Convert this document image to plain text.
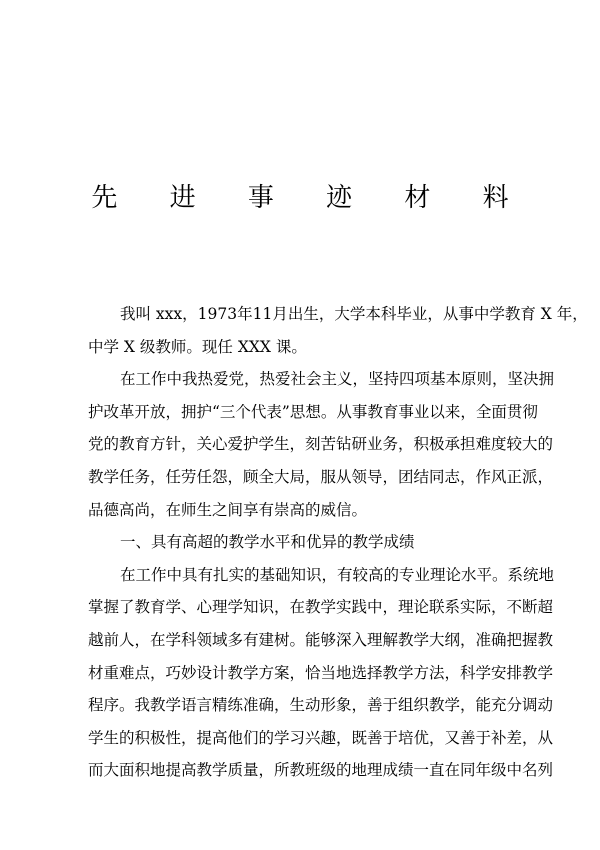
先 进 事 迹 材 料
我叫 xxx，1973年11月出生，大学本科毕业，从事中学教育 X 年，
中学 X 级教师。现任 XXX 课。
在工作中我热爱党，热爱社会主义，坚持四项基本原则，坚决拥
护改革开放，拥护“三个代表”思想。从事教育事业以来，全面贯彻
党的教育方针，关心爱护学生，刻苦钻研业务，积极承担难度较大的
教学任务，任劳任怨，顾全大局，服从领导，团结同志，作风正派，
品德高尚，在师生之间享有崇高的威信。
一、具有高超的教学水平和优异的教学成绩
在工作中具有扎实的基础知识，有较高的专业理论水平。系统地
掌握了教育学、心理学知识，在教学实践中，理论联系实际，不断超
越前人，在学科领域多有建树。能够深入理解教学大纲，准确把握教
材重难点，巧妙设计教学方案，恰当地选择教学方法，科学安排教学
程序。我教学语言精练准确，生动形象，善于组织教学，能充分调动
学生的积极性，提高他们的学习兴趣，既善于培优，又善于补差，从
而大面积地提高教学质量，所教班级的地理成绩一直在同年级中名列
